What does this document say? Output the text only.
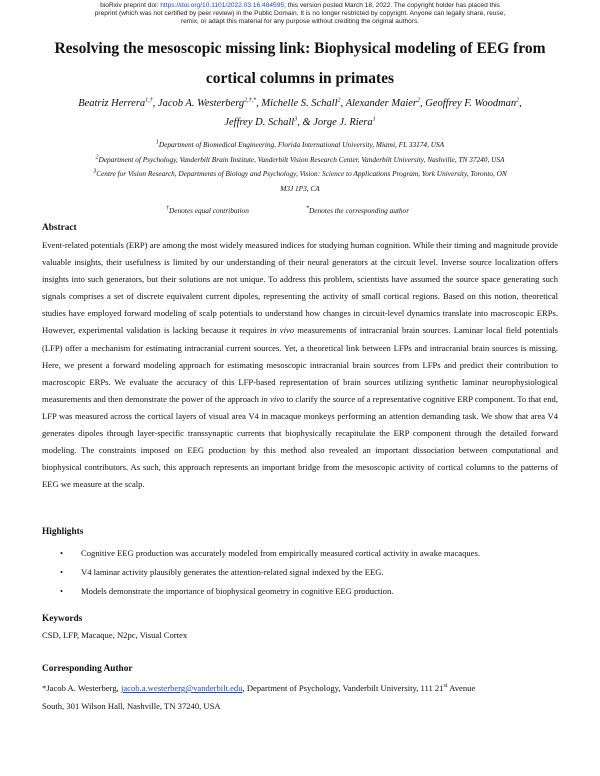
bioRxiv preprint doi: https://doi.org/10.1101/2022.03.16.484595; this version posted March 18, 2022. The copyright holder has placed this
preprint (which was not certified by peer review) in the Public Domain. It is no longer restricted by copyright. Anyone can legally share, reuse,
remix, or adapt this material for any purpose without crediting the original authors.
Resolving the mesoscopic missing link: Biophysical modeling of EEG from
cortical columns in primates
Beatriz Herrera$^{1,\dagger}$, Jacob A. Westerberg$^{2,\dagger,*}$, Michelle S. Schall$^2$, Alexander Maier$^2$, Geoffrey F. Woodman$^2$,
Jeffrey D. Schall$^3$, & Jorge J. Riera$^1$
$^1$Department of Biomedical Engineering, Florida International University, Miami, FL 33174, USA
$^2$Department of Psychology, Vanderbilt Brain Institute, Vanderbilt Vision Research Center, Vanderbilt University, Nashville, TN 37240, USA
$^3$Centre for Vision Research, Departments of Biology and Psychology, Vision: Science to Applications Program, York University, Toronto, ON
M3J 1P3, CA
†Denotes equal contribution	*Denotes the corresponding author
Abstract
Event-related potentials (ERP) are among the most widely measured indices for studying human cognition. While their timing and magnitude provide valuable insights, their usefulness is limited by our understanding of their neural generators at the circuit level. Inverse source localization offers insights into such generators, but their solutions are not unique. To address this problem, scientists have assumed the source space generating such signals comprises a set of discrete equivalent current dipoles, representing the activity of small cortical regions. Based on this notion, theoretical studies have employed forward modeling of scalp potentials to understand how changes in circuit-level dynamics translate into macroscopic ERPs. However, experimental validation is lacking because it requires in vivo measurements of intracranial brain sources. Laminar local field potentials (LFP) offer a mechanism for estimating intracranial current sources. Yet, a theoretical link between LFPs and intracranial brain sources is missing. Here, we present a forward modeling approach for estimating mesoscopic intracranial brain sources from LFPs and predict their contribution to macroscopic ERPs. We evaluate the accuracy of this LFP-based representation of brain sources utilizing synthetic laminar neurophysiological measurements and then demonstrate the power of the approach in vivo to clarify the source of a representative cognitive ERP component. To that end, LFP was measured across the cortical layers of visual area V4 in macaque monkeys performing an attention demanding task. We show that area V4 generates dipoles through layer-specific transsynaptic currents that biophysically recapitulate the ERP component through the detailed forward modeling. The constraints imposed on EEG production by this method also revealed an important dissociation between computational and biophysical contributors. As such, this approach represents an important bridge from the mesoscopic activity of cortical columns to the patterns of EEG we measure at the scalp.
Highlights
• Cognitive EEG production was accurately modeled from empirically measured cortical activity in awake macaques.
• V4 laminar activity plausibly generates the attention-related signal indexed by the EEG.
• Models demonstrate the importance of biophysical geometry in cognitive EEG production.
Keywords
CSD, LFP, Macaque, N2pc, Visual Cortex
Corresponding Author
*Jacob A. Westerberg, jacob.a.westerberg@vanderbilt.edu, Department of Psychology, Vanderbilt University, 111 21st Avenue
South, 301 Wilson Hall, Nashville, TN 37240, USA
